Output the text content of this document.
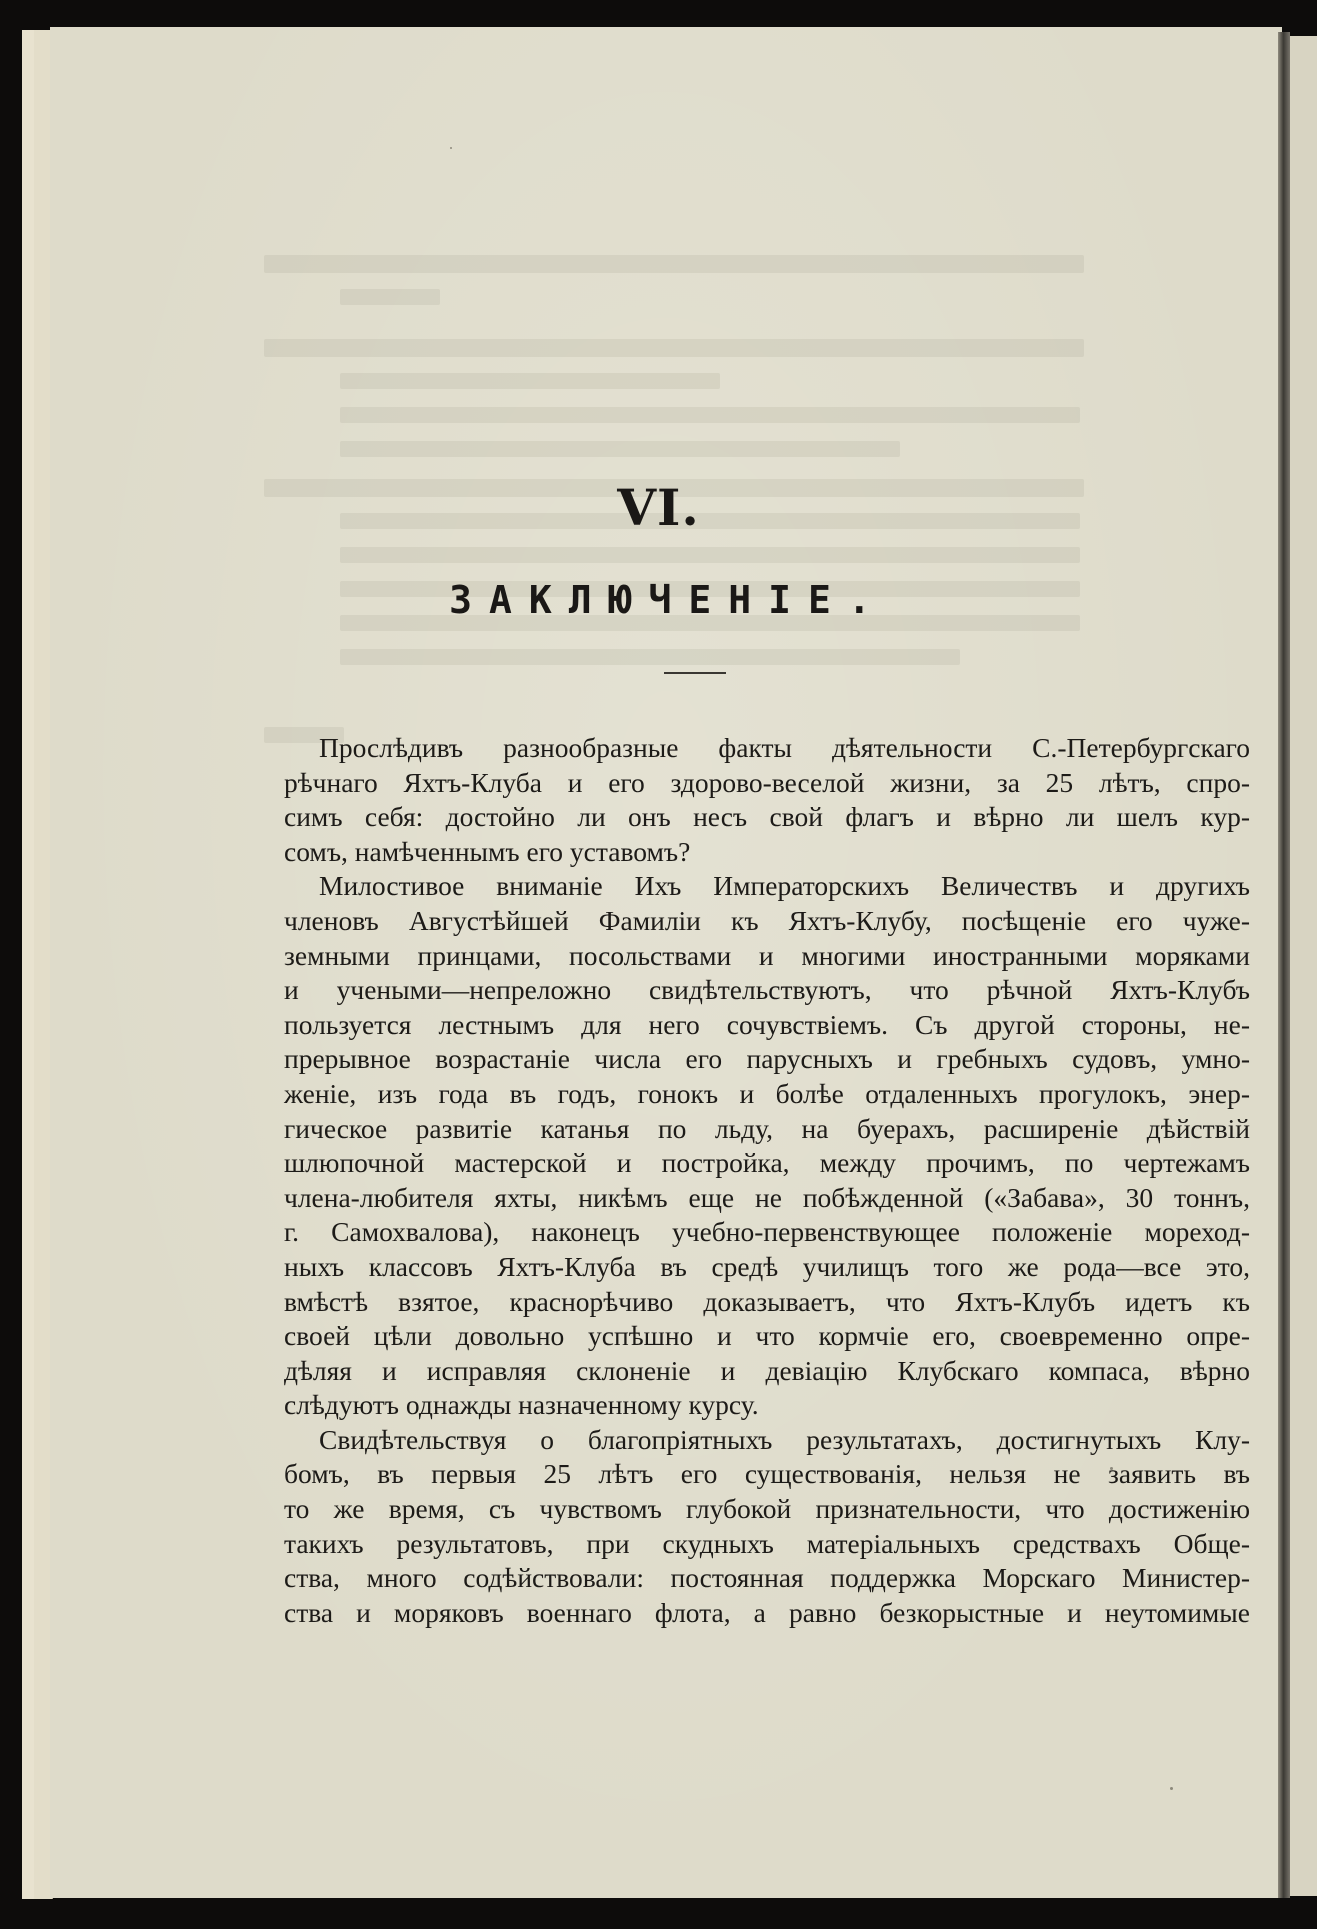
VI.
ЗАКЛЮЧЕНІЕ.

Прослѣдивъ разнообразные факты дѣятельности С.-Петербургскаго
рѣчнаго Яхтъ-Клуба и его здорово-веселой жизни, за 25 лѣтъ, спро-
симъ себя: достойно ли онъ несъ свой флагъ и вѣрно ли шелъ кур-
сомъ, намѣченнымъ его уставомъ?

Милостивое вниманіе Ихъ Императорскихъ Величествъ и другихъ
членовъ Августѣйшей Фамиліи къ Яхтъ-Клубу, посѣщеніе его чуже-
земными принцами, посольствами и многими иностранными моряками
и учеными—непреложно свидѣтельствуютъ, что рѣчной Яхтъ-Клубъ
пользуется лестнымъ для него сочувствіемъ. Съ другой стороны, не-
прерывное возрастаніе числа его парусныхъ и гребныхъ судовъ, умно-
женіе, изъ года въ годъ, гонокъ и болѣе отдаленныхъ прогулокъ, энер-
гическое развитіе катанья по льду, на буерахъ, расширеніе дѣйствій
шлюпочной мастерской и постройка, между прочимъ, по чертежамъ
члена-любителя яхты, никѣмъ еще не побѣжденной («Забава», 30 тоннъ,
г. Самохвалова), наконецъ учебно-первенствующее положеніе мореход-
ныхъ классовъ Яхтъ-Клуба въ средѣ училищъ того же рода—все это,
вмѣстѣ взятое, краснорѣчиво доказываетъ, что Яхтъ-Клубъ идетъ къ
своей цѣли довольно успѣшно и что кормчіе его, своевременно опре-
дѣляя и исправляя склоненіе и девіацію Клубскаго компаса, вѣрно
слѣдуютъ однажды назначенному курсу.

Свидѣтельствуя о благопріятныхъ результатахъ, достигнутыхъ Клу-
бомъ, въ первыя 25 лѣтъ его существованія, нельзя не заявить въ
то же время, съ чувствомъ глубокой признательности, что достиженію
такихъ результатовъ, при скудныхъ матеріальныхъ средствахъ Обще-
ства, много содѣйствовали: постоянная поддержка Морскаго Министер-
ства и моряковъ военнаго флота, а равно безкорыстные и неутомимые
